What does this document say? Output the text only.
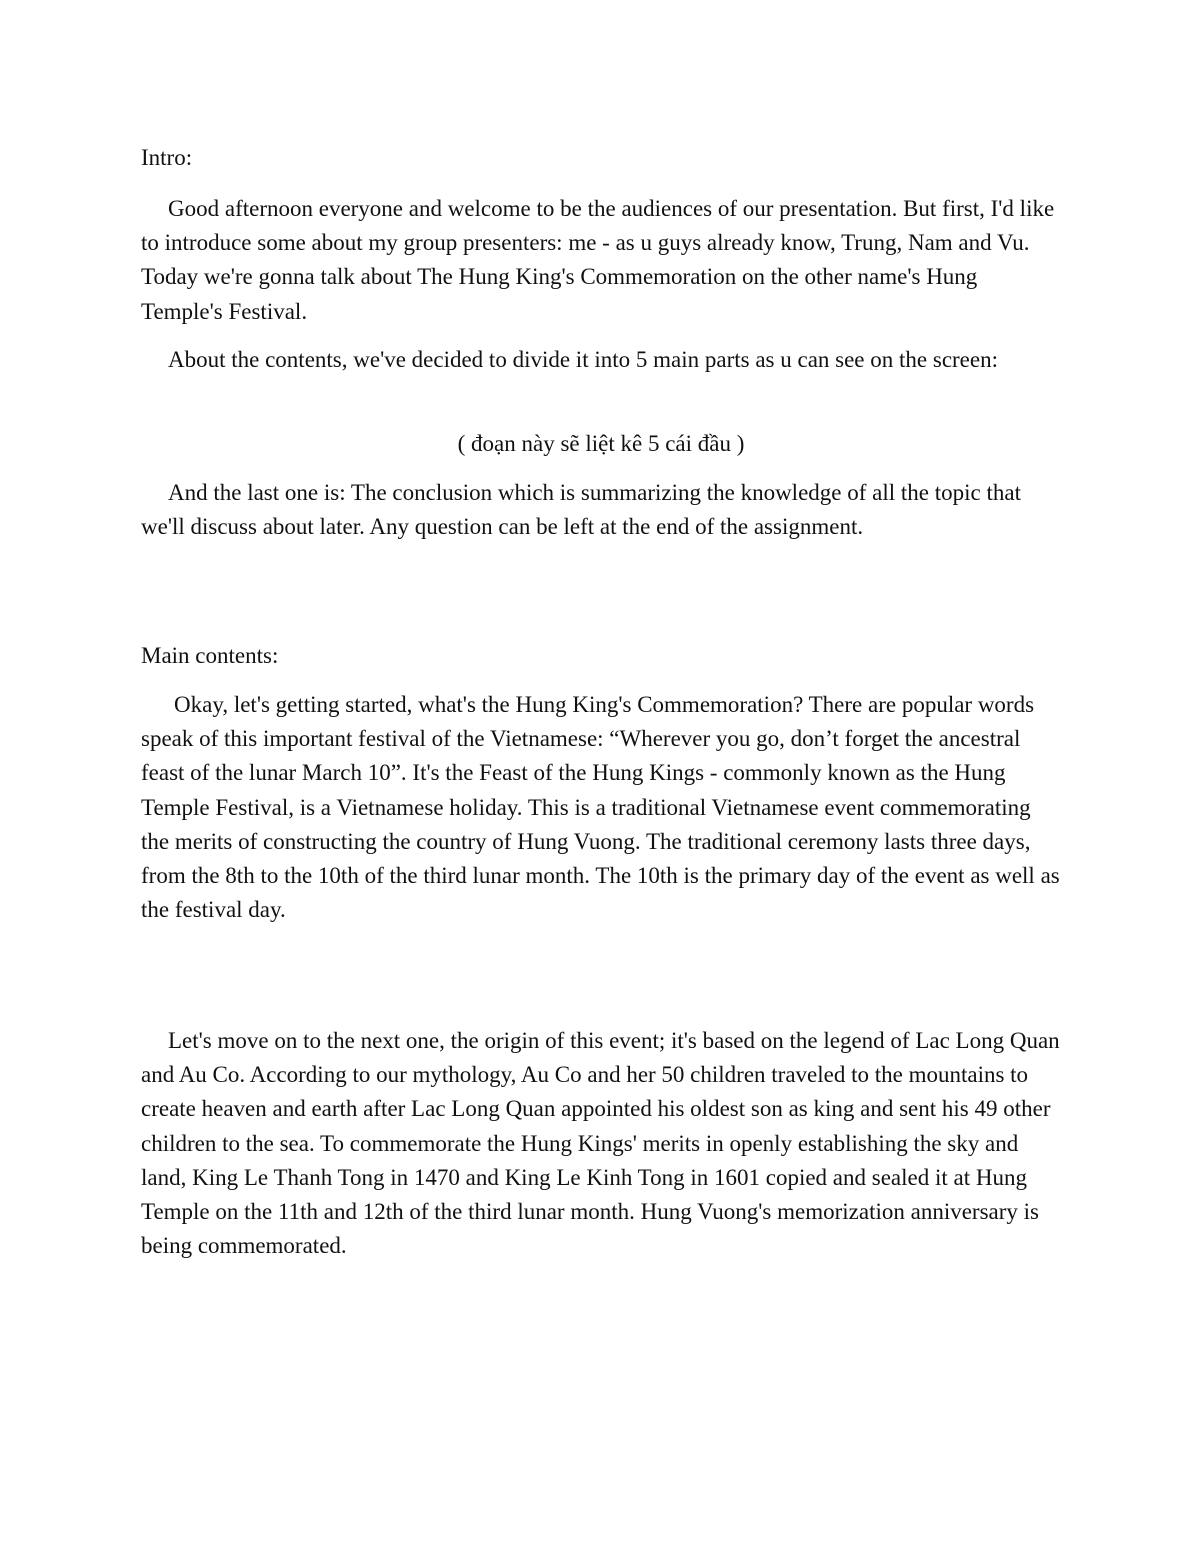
Intro:

Good afternoon everyone and welcome to be the audiences of our presentation. But first, I'd like to introduce some about my group presenters: me - as u guys already know, Trung, Nam and Vu. Today we're gonna talk about The Hung King's Commemoration on the other name's Hung Temple's Festival.

About the contents, we've decided to divide it into 5 main parts as u can see on the screen:

( đoạn này sẽ liệt kê 5 cái đầu )

And the last one is: The conclusion which is summarizing the knowledge of all the topic that we'll discuss about later. Any question can be left at the end of the assignment.

Main contents:

Okay, let's getting started, what's the Hung King's Commemoration? There are popular words speak of this important festival of the Vietnamese: “Wherever you go, don’t forget the ancestral feast of the lunar March 10”. It's the Feast of the Hung Kings - commonly known as the Hung Temple Festival, is a Vietnamese holiday. This is a traditional Vietnamese event commemorating the merits of constructing the country of Hung Vuong. The traditional ceremony lasts three days, from the 8th to the 10th of the third lunar month. The 10th is the primary day of the event as well as the festival day.

Let's move on to the next one, the origin of this event; it's based on the legend of Lac Long Quan and Au Co. According to our mythology, Au Co and her 50 children traveled to the mountains to create heaven and earth after Lac Long Quan appointed his oldest son as king and sent his 49 other children to the sea. To commemorate the Hung Kings' merits in openly establishing the sky and land, King Le Thanh Tong in 1470 and King Le Kinh Tong in 1601 copied and sealed it at Hung Temple on the 11th and 12th of the third lunar month. Hung Vuong's memorization anniversary is being commemorated.
